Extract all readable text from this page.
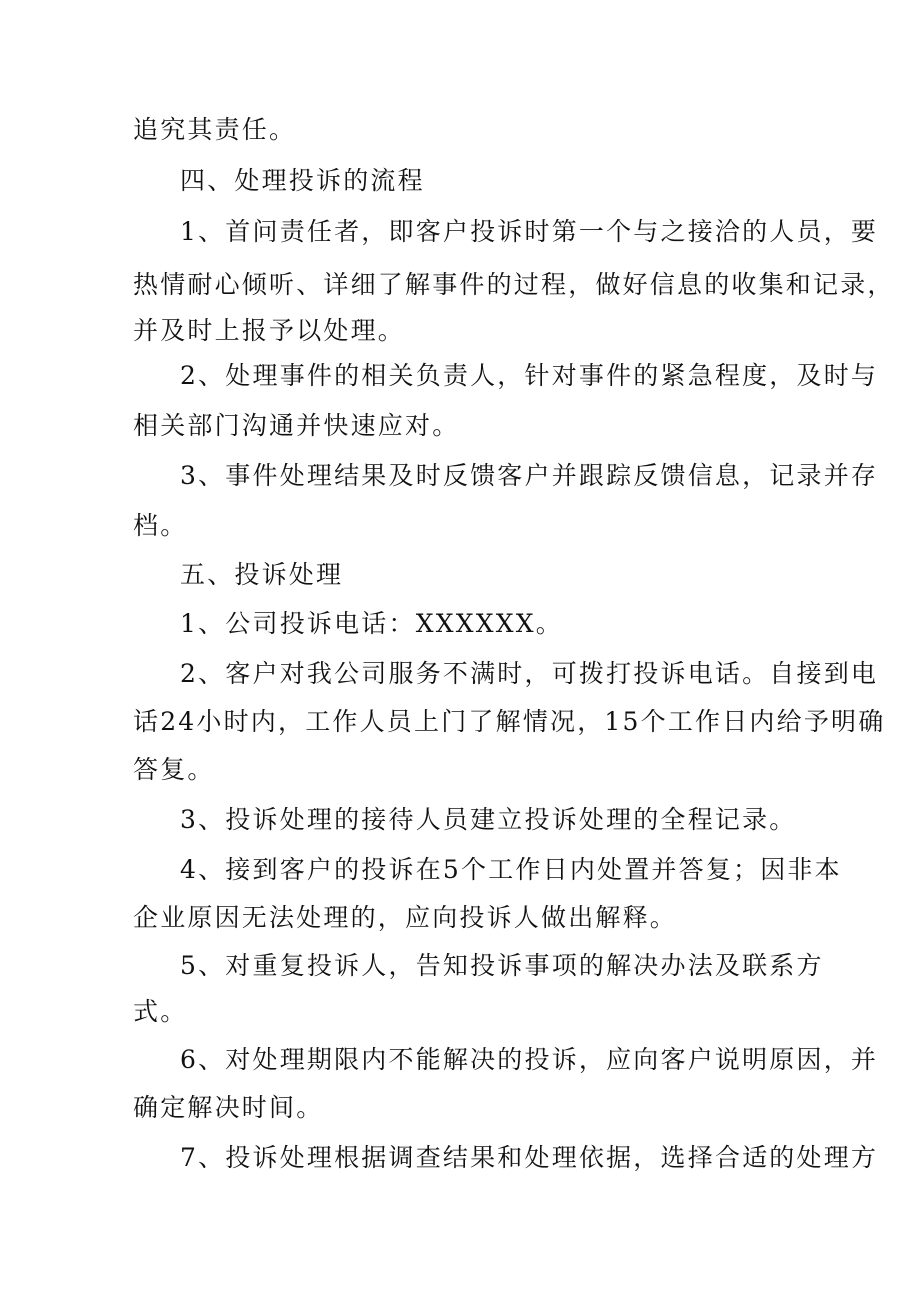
追究其责任。
四、处理投诉的流程
1、首问责任者，即客户投诉时第一个与之接洽的人员，要
热情耐心倾听、详细了解事件的过程，做好信息的收集和记录，
并及时上报予以处理。
2、处理事件的相关负责人，针对事件的紧急程度，及时与
相关部门沟通并快速应对。
3、事件处理结果及时反馈客户并跟踪反馈信息，记录并存
档。
五、投诉处理
1、公司投诉电话：XXXXXX。
2、客户对我公司服务不满时，可拨打投诉电话。自接到电
话24小时内，工作人员上门了解情况，15个工作日内给予明确
答复。
3、投诉处理的接待人员建立投诉处理的全程记录。
4、接到客户的投诉在5个工作日内处置并答复；因非本
企业原因无法处理的，应向投诉人做出解释。
5、对重复投诉人，告知投诉事项的解决办法及联系方
式。
6、对处理期限内不能解决的投诉，应向客户说明原因，并
确定解决时间。
7、投诉处理根据调查结果和处理依据，选择合适的处理方
